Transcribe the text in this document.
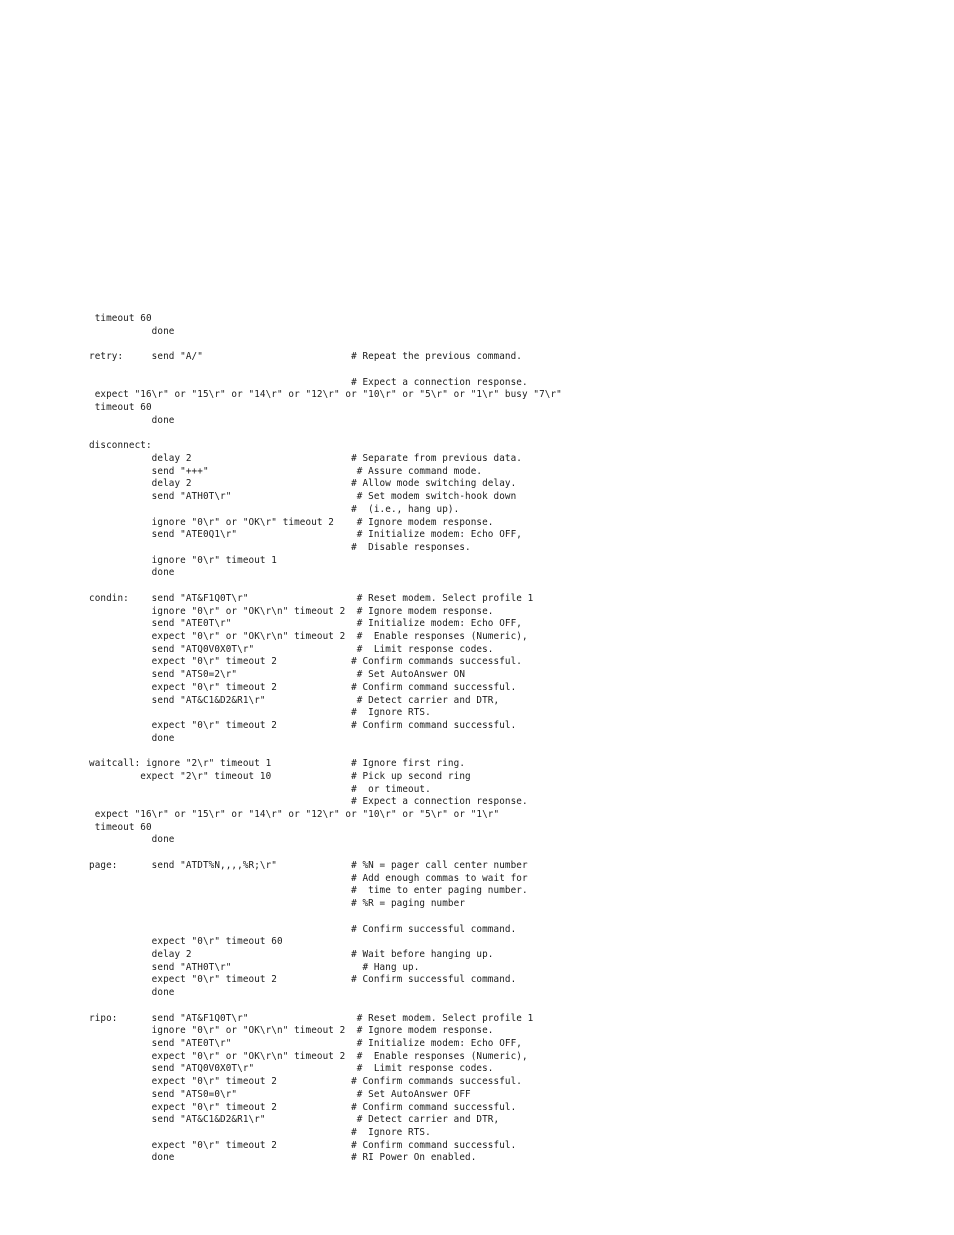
timeout 60
done
retry:     send "A/"                          # Repeat the previous command.
# Expect a connection response.
expect "16\r" or "15\r" or "14\r" or "12\r" or "10\r" or "5\r" or "1\r" busy "7\r"
timeout 60
done
disconnect:
delay 2                            # Separate from previous data.
send "+++"                          # Assure command mode.
delay 2                            # Allow mode switching delay.
send "ATH0T\r"                      # Set modem switch-hook down
#  (i.e., hang up).
ignore "0\r" or "OK\r" timeout 2    # Ignore modem response.
send "ATE0Q1\r"                     # Initialize modem: Echo OFF,
#  Disable responses.
ignore "0\r" timeout 1
done
condin:    send "AT&F1Q0T\r"                   # Reset modem. Select profile 1
ignore "0\r" or "OK\r\n" timeout 2  # Ignore modem response.
send "ATE0T\r"                      # Initialize modem: Echo OFF,
expect "0\r" or "OK\r\n" timeout 2  #  Enable responses (Numeric),
send "ATQ0V0X0T\r"                  #  Limit response codes.
expect "0\r" timeout 2             # Confirm commands successful.
send "ATS0=2\r"                     # Set AutoAnswer ON
expect "0\r" timeout 2             # Confirm command successful.
send "AT&C1&D2&R1\r"                # Detect carrier and DTR,
#  Ignore RTS.
expect "0\r" timeout 2             # Confirm command successful.
done
waitcall: ignore "2\r" timeout 1              # Ignore first ring.
expect "2\r" timeout 10              # Pick up second ring
#  or timeout.
# Expect a connection response.
expect "16\r" or "15\r" or "14\r" or "12\r" or "10\r" or "5\r" or "1\r"
timeout 60
done
page:      send "ATDT%N,,,,%R;\r"             # %N = pager call center number
# Add enough commas to wait for
#  time to enter paging number.
# %R = paging number
# Confirm successful command.
expect "0\r" timeout 60
delay 2                            # Wait before hanging up.
send "ATH0T\r"                       # Hang up.
expect "0\r" timeout 2             # Confirm successful command.
done
ripo:      send "AT&F1Q0T\r"                   # Reset modem. Select profile 1
ignore "0\r" or "OK\r\n" timeout 2  # Ignore modem response.
send "ATE0T\r"                      # Initialize modem: Echo OFF,
expect "0\r" or "OK\r\n" timeout 2  #  Enable responses (Numeric),
send "ATQ0V0X0T\r"                  #  Limit response codes.
expect "0\r" timeout 2             # Confirm commands successful.
send "ATS0=0\r"                     # Set AutoAnswer OFF
expect "0\r" timeout 2             # Confirm command successful.
send "AT&C1&D2&R1\r"                # Detect carrier and DTR,
#  Ignore RTS.
expect "0\r" timeout 2             # Confirm command successful.
done                               # RI Power On enabled.
